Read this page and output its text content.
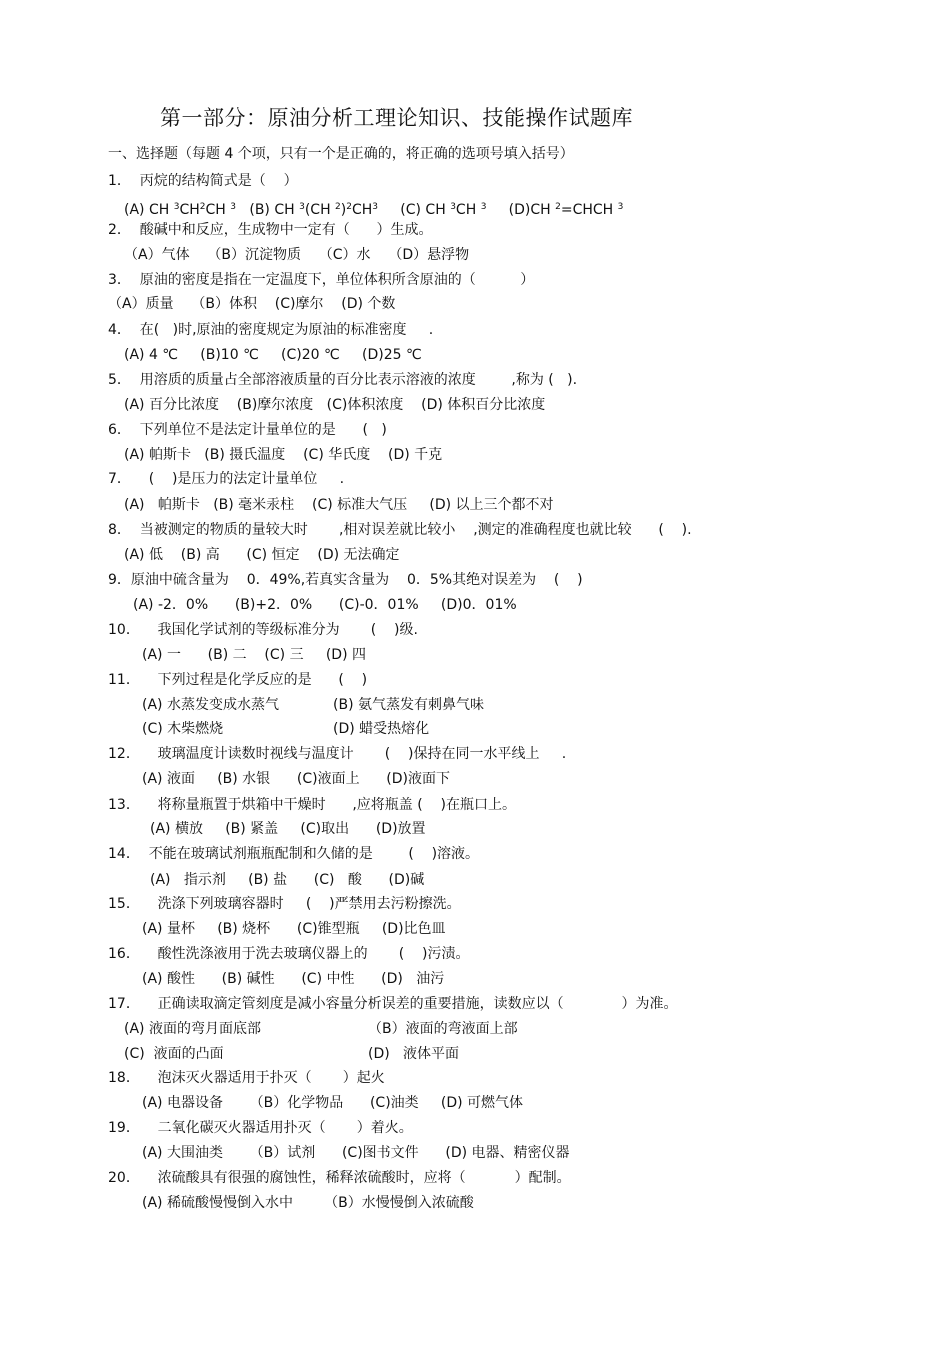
第一部分：原油分析工理论知识、技能操作试题库
一、选择题（每题 4 个项，只有一个是正确的，将正确的选项号填入括号）
1．  丙烷的结构简式是（    ）
(A) CH $^3CH^2CH$ $^3$   (B) CH $^3$(CH $^2)^2CH^3$     (C) CH $^3$CH $^3$     (D)CH $^2$=CHCH $^3$
2．  酸碱中和反应，生成物中一定有（      ）生成。
（A）气体    （B）沉淀物质    （C）水    （D）悬浮物
3．  原油的密度是指在一定温度下，单位体积所含原油的（          ）
（A）质量    （B）体积    (C)摩尔    (D) 个数
4．  在(   )时,原油的密度规定为原油的标准密度     .
(A) 4 ℃     (B)10 ℃     (C)20 ℃     (D)25 ℃
5．  用溶质的质量占全部溶液质量的百分比表示溶液的浓度        ,称为 (   ).
(A) 百分比浓度    (B)摩尔浓度   (C)体积浓度    (D) 体积百分比浓度
6．  下列单位不是法定计量单位的是      (   )
(A) 帕斯卡   (B) 摄氏温度    (C) 华氏度    (D) 千克
7．    (    )是压力的法定计量单位     .
(A)   帕斯卡   (B) 毫米汞柱    (C) 标准大气压     (D) 以上三个都不对
8．  当被测定的物质的量较大时       ,相对误差就比较小    ,测定的准确程度也就比较      (    ).
(A) 低    (B) 高      (C) 恒定    (D) 无法确定
9．原油中硫含量为    0．49%,若真实含量为    0．5%其绝对误差为    (    )
(A) -2．0%      (B)+2．0%      (C)-0．01%     (D)0．01%
10．    我国化学试剂的等级标准分为       (    )级.
(A) 一      (B) 二    (C) 三     (D) 四
11．    下列过程是化学反应的是      (    )
(A) 水蒸发变成水蒸气	(B) 氨气蒸发有刺鼻气味
(C) 木柴燃烧	(D) 蜡受热熔化
12．    玻璃温度计读数时视线与温度计       (    )保持在同一水平线上     .
(A) 液面     (B) 水银      (C)液面上      (D)液面下
13．    将称量瓶置于烘箱中干燥时      ,应将瓶盖 (    )在瓶口上。
(A) 横放     (B) 紧盖     (C)取出      (D)放置
14．  不能在玻璃试剂瓶瓶配制和久储的是        (    )溶液。
(A)   指示剂     (B) 盐      (C)   酸      (D)碱
15．    洗涤下列玻璃容器时     (    )严禁用去污粉擦洗。
(A) 量杯     (B) 烧杯      (C)锥型瓶     (D)比色皿
16．    酸性洗涤液用于洗去玻璃仪器上的       (    )污渍。
(A) 酸性      (B) 碱性      (C) 中性      (D)   油污
17．    正确读取滴定管刻度是减小容量分析误差的重要措施，读数应以（             ）为准。
(A) 液面的弯月面底部	（B）液面的弯液面上部
(C)  液面的凸面	(D)   液体平面
18．    泡沫灭火器适用于扑灭（       ）起火
(A) 电器设备      （B）化学物品      (C)油类     (D) 可燃气体
19．    二氧化碳灭火器适用扑灭（       ）着火。
(A) 大围油类      （B）试剂      (C)图书文件      (D) 电器、精密仪器
20．    浓硫酸具有很强的腐蚀性，稀释浓硫酸时，应将（           ）配制。
(A) 稀硫酸慢慢倒入水中       （B）水慢慢倒入浓硫酸
